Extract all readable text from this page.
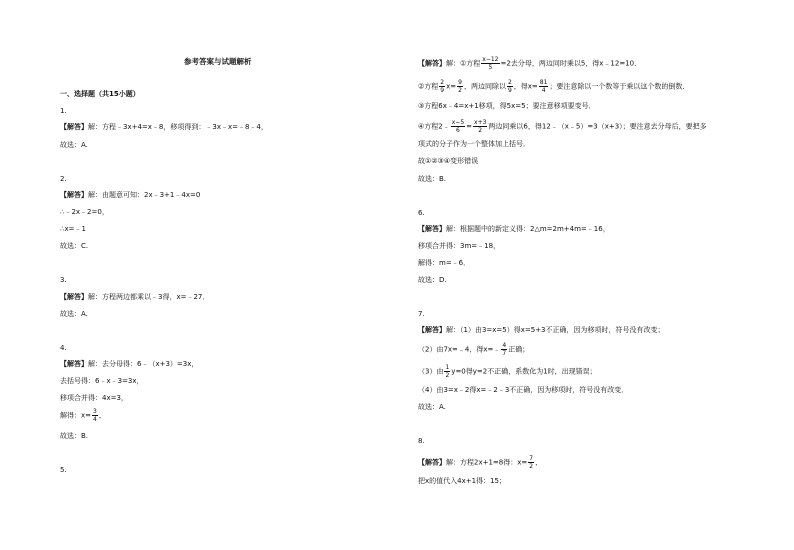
参考答案与试题解析
一、选择题（共15小题）
1.
【解答】解：方程﹣3x+4=x﹣8，移项得到：﹣3x﹣x=﹣8﹣4，
故选：A.
2.
【解答】解：由题意可知：2x﹣3+1﹣4x=0
∴﹣2x﹣2=0，
∴x=﹣1
故选：C.
3.
【解答】解：方程两边都乘以﹣3得，x=﹣27．
故选：A.
4.
【解答】解：去分母得：6﹣（x+3）=3x，
去括号得：6﹣x﹣3=3x，
移项合并得：4x=3，
解得：$x= \frac{3}{4}$ ，
故选：B.
5.
【解答】解：①方程 $\frac{x-12}{5} =2$去分母，两边同时乘以5，得x﹣12=10．
②方程 $\frac{2}{9} x= \frac{9}{2}$ ，两边同除以 $\frac{2}{9}$ ，得$x= \frac{81}{4}$ ；要注意除以一个数等于乘以这个数的倒数．
③方程6x﹣4=x+1移项，得5x=5；要注意移项要变号．
④方程2﹣ $\frac{x-5}{6} = \frac{x+3}{2}$ 两边同乘以6，得12﹣（x﹣5）=3（x+3）；要注意去分母后，要把多
项式的分子作为一个整体加上括号．
故①②③④变形错误
故选：B.
6.
【解答】解：根据题中的新定义得：2△m=2m+4m=﹣16，
移项合并得：3m=﹣18，
解得：m=﹣6．
故选：D.
7.
【解答】解：（1）由3=x=5）得x=5+3不正确，因为移项时，符号没有改变；
（2）由7x=﹣4，得x=﹣ $\frac{4}{7}$ 正确；
（3）由 $\frac{1}{2} y=0$得y=2不正确，系数化为1时，出现错误；
（4）由3=x﹣2得x=﹣2﹣3不正确，因为移项时，符号没有改变．
故选：A.
8.
【解答】解：方程2x+1=8得：$x= \frac{7}{2}$ ，
把x的值代入4x+1得：15；
